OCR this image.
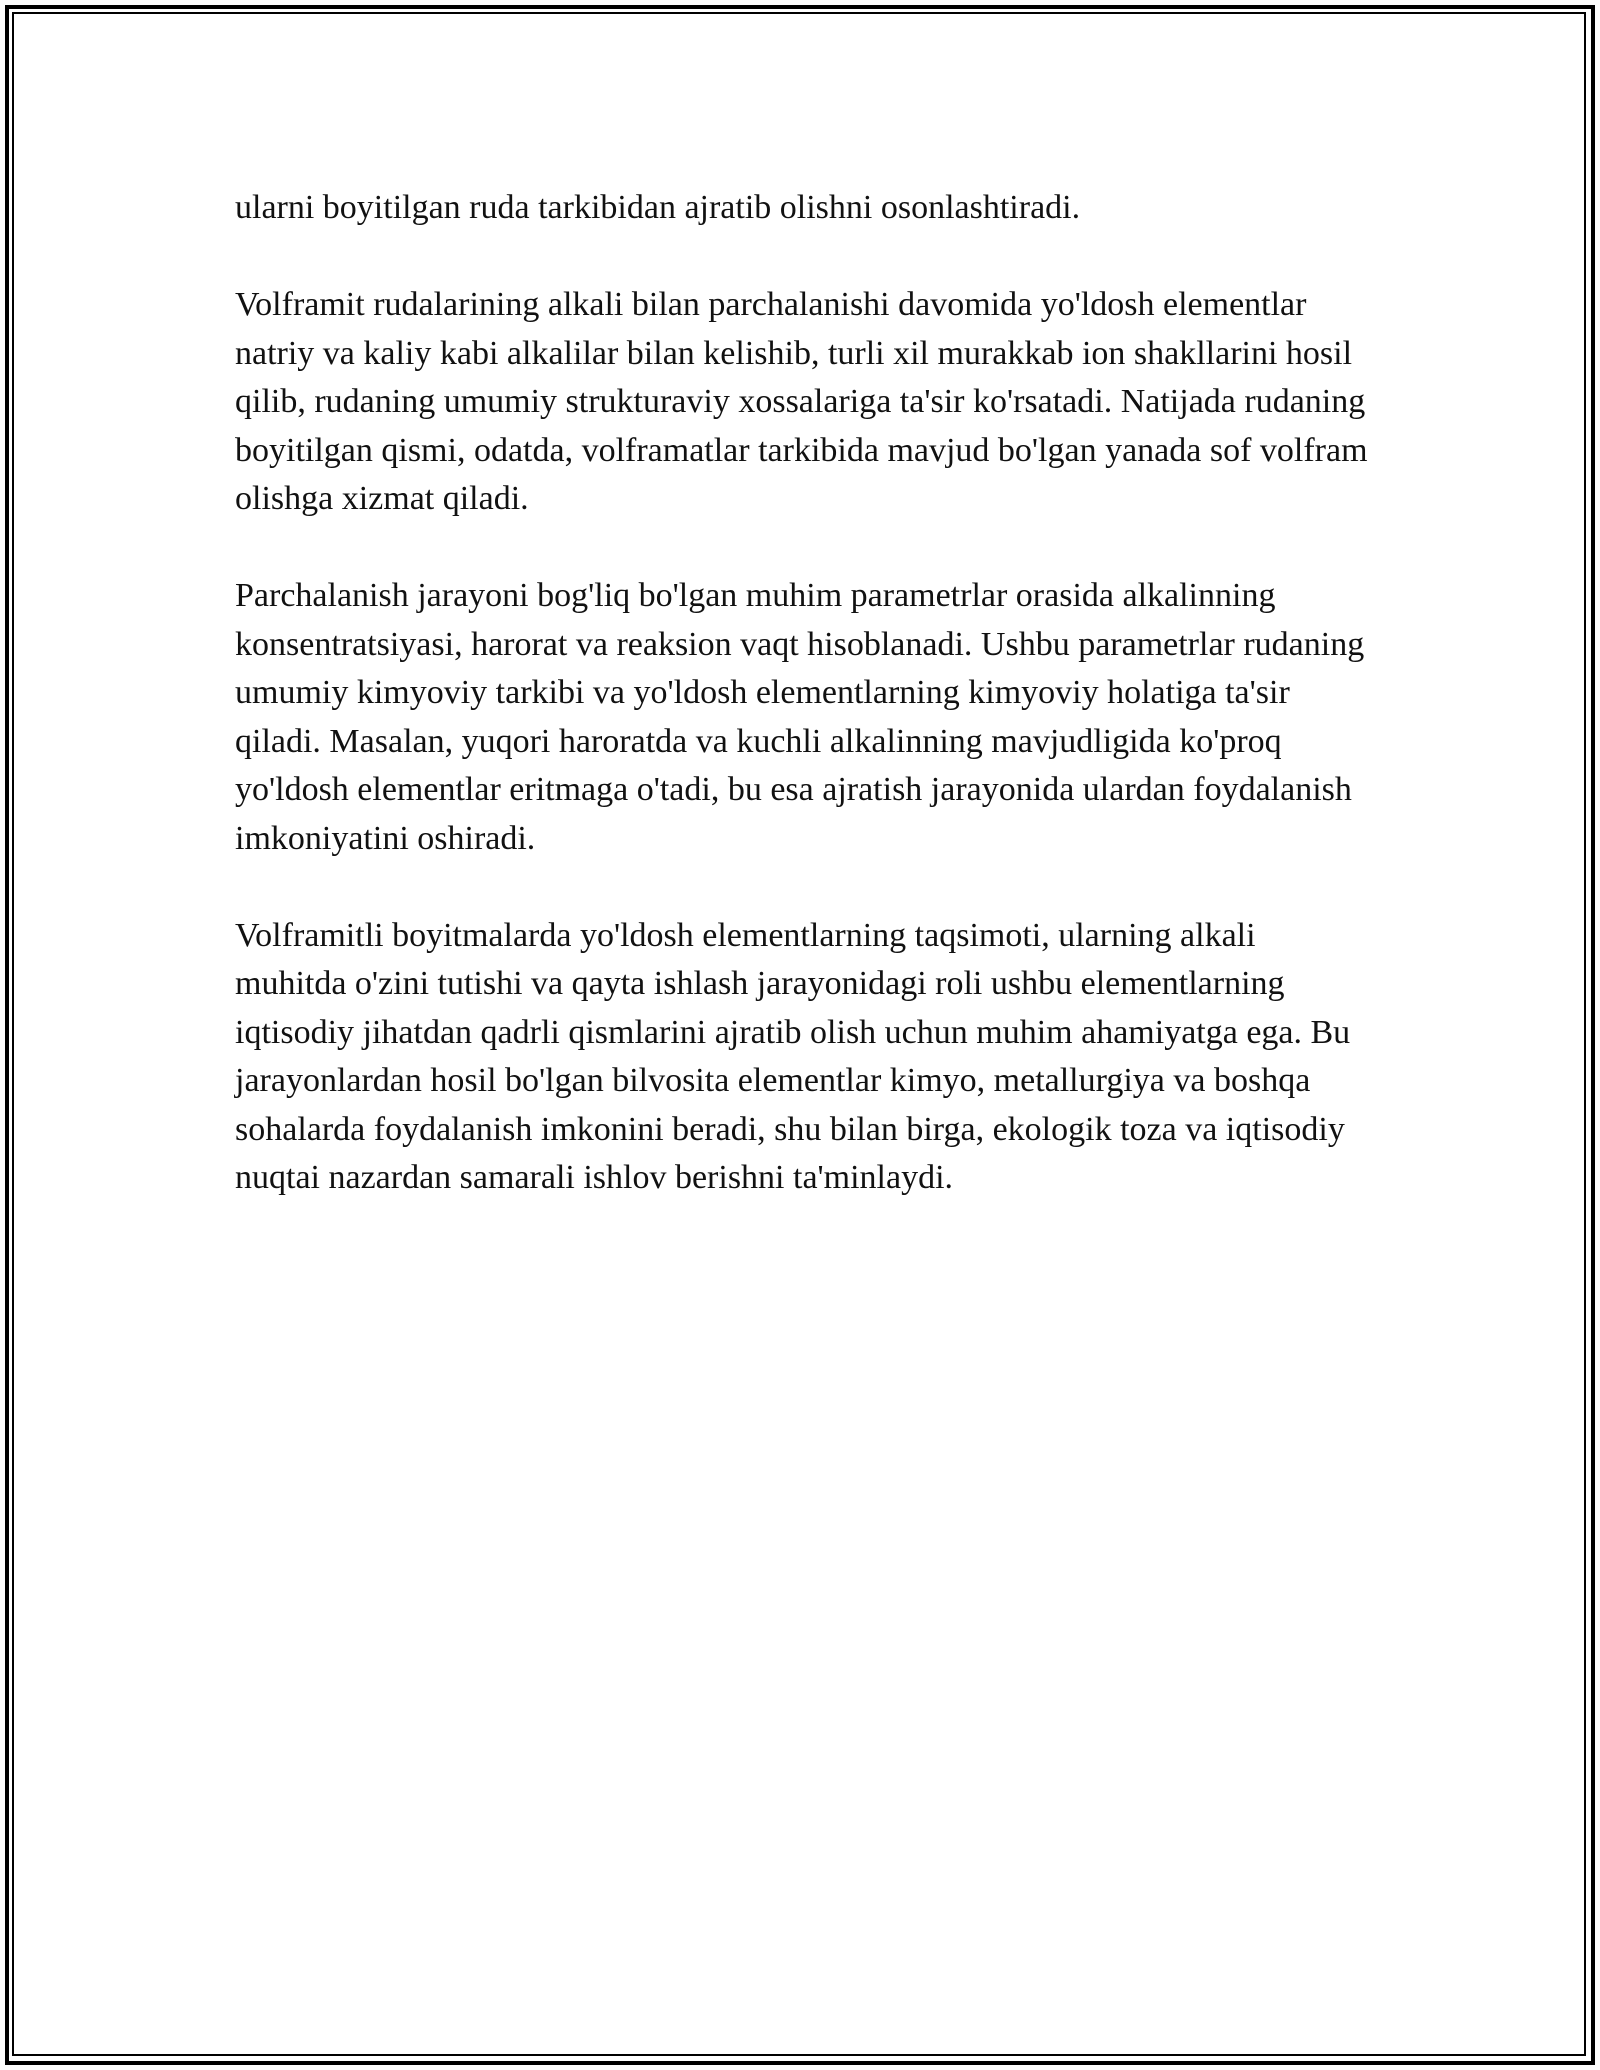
ularni boyitilgan ruda tarkibidan ajratib olishni osonlashtiradi.

Volframit rudalarining alkali bilan parchalanishi davomida yo'ldosh elementlar natriy va kaliy kabi alkalilar bilan kelishib, turli xil murakkab ion shakllarini hosil qilib, rudaning umumiy strukturaviy xossalariga ta'sir ko'rsatadi. Natijada rudaning boyitilgan qismi, odatda, volframatlar tarkibida mavjud bo'lgan yanada sof volfram olishga xizmat qiladi.

Parchalanish jarayoni bog'liq bo'lgan muhim parametrlar orasida alkalinning konsentratsiyasi, harorat va reaksion vaqt hisoblanadi. Ushbu parametrlar rudaning umumiy kimyoviy tarkibi va yo'ldosh elementlarning kimyoviy holatiga ta'sir qiladi. Masalan, yuqori haroratda va kuchli alkalinning mavjudligida ko'proq yo'ldosh elementlar eritmaga o'tadi, bu esa ajratish jarayonida ulardan foydalanish imkoniyatini oshiradi.

Volframitli boyitmalarda yo'ldosh elementlarning taqsimoti, ularning alkali muhitda o'zini tutishi va qayta ishlash jarayonidagi roli ushbu elementlarning iqtisodiy jihatdan qadrli qismlarini ajratib olish uchun muhim ahamiyatga ega. Bu jarayonlardan hosil bo'lgan bilvosita elementlar kimyo, metallurgiya va boshqa sohalarda foydalanish imkonini beradi, shu bilan birga, ekologik toza va iqtisodiy nuqtai nazardan samarali ishlov berishni ta'minlaydi.
